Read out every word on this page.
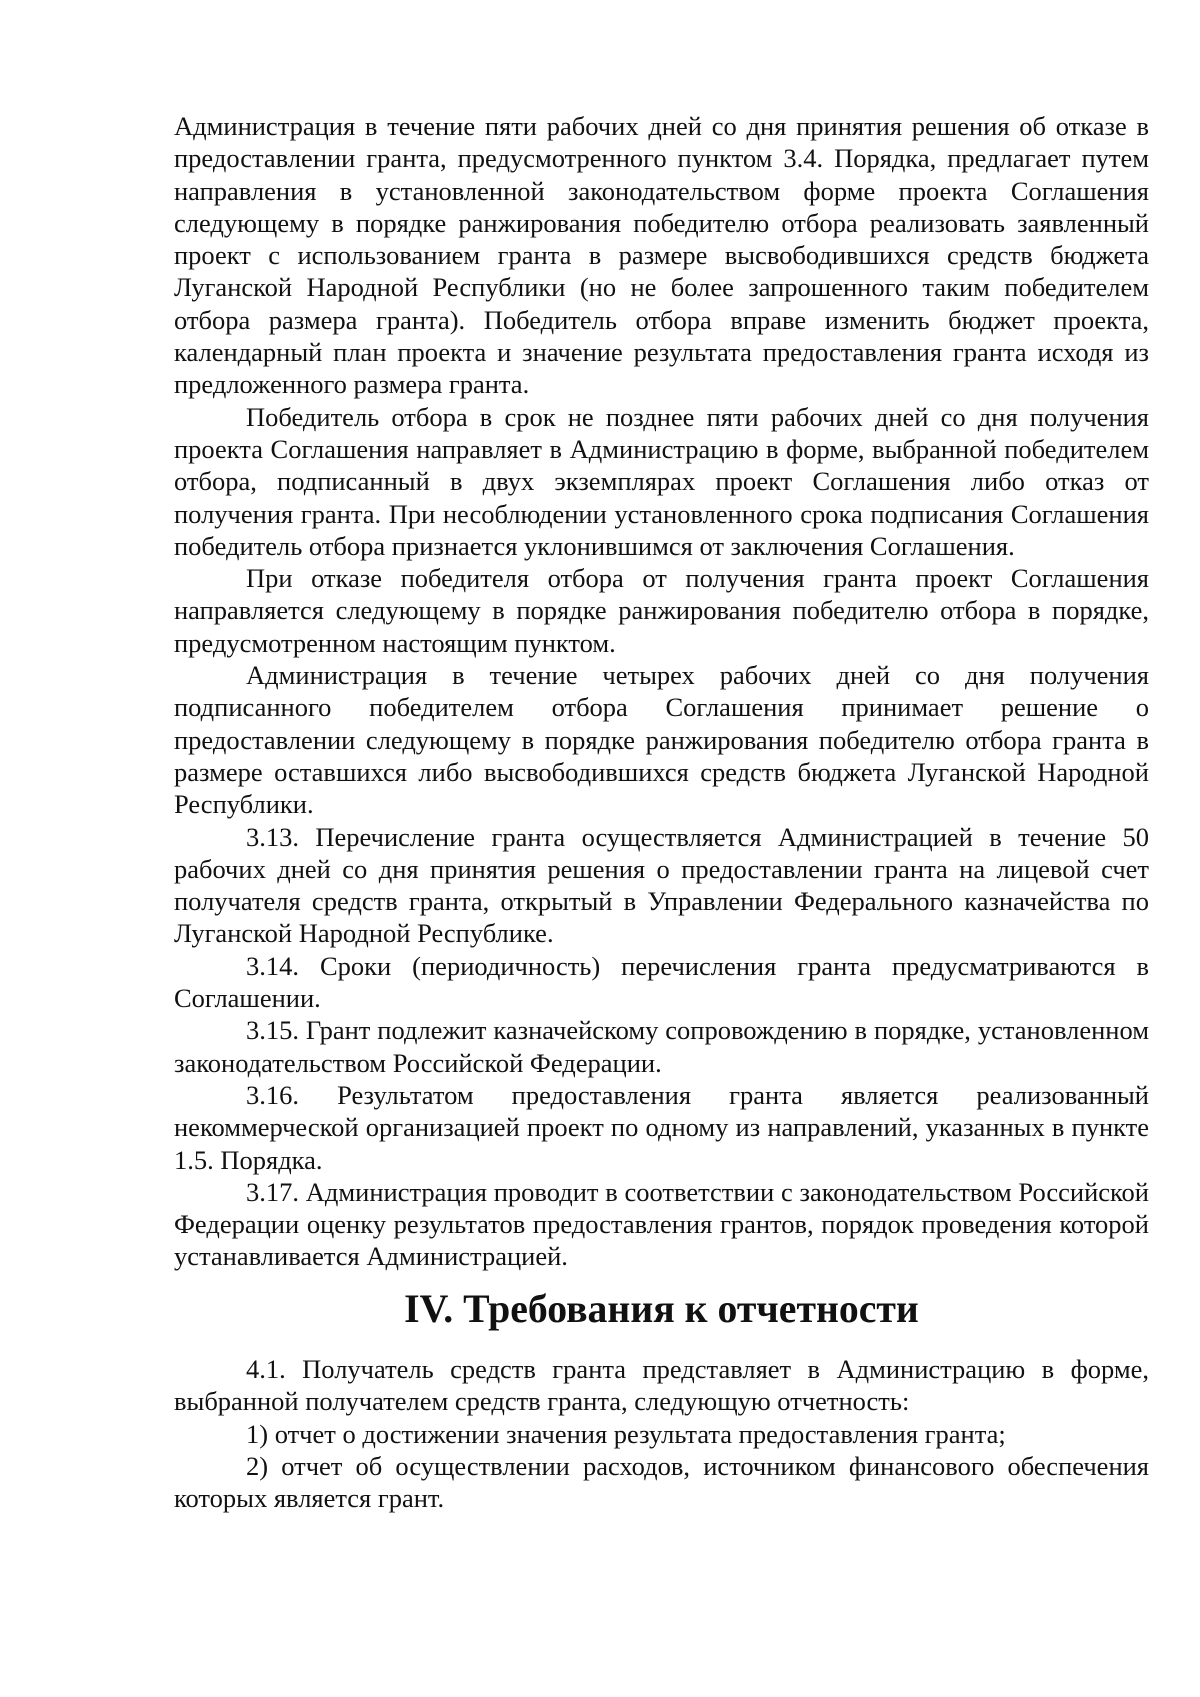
Администрация в течение пяти рабочих дней со дня принятия решения об отказе в предоставлении гранта, предусмотренного пунктом 3.4. Порядка, предлагает путем направления в установленной законодательством форме проекта Соглашения следующему в порядке ранжирования победителю отбора реализовать заявленный проект с использованием гранта в размере высвободившихся средств бюджета Луганской Народной Республики (но не более запрошенного таким победителем отбора размера гранта). Победитель отбора вправе изменить бюджет проекта, календарный план проекта и значение результата предоставления гранта исходя из предложенного размера гранта.

Победитель отбора в срок не позднее пяти рабочих дней со дня получения проекта Соглашения направляет в Администрацию в форме, выбранной победителем отбора, подписанный в двух экземплярах проект Соглашения либо отказ от получения гранта. При несоблюдении установленного срока подписания Соглашения победитель отбора признается уклонившимся от заключения Соглашения.

При отказе победителя отбора от получения гранта проект Соглашения направляется следующему в порядке ранжирования победителю отбора в порядке, предусмотренном настоящим пунктом.

Администрация в течение четырех рабочих дней со дня получения подписанного победителем отбора Соглашения принимает решение о предоставлении следующему в порядке ранжирования победителю отбора гранта в размере оставшихся либо высвободившихся средств бюджета Луганской Народной Республики.

3.13. Перечисление гранта осуществляется Администрацией в течение 50 рабочих дней со дня принятия решения о предоставлении гранта на лицевой счет получателя средств гранта, открытый в Управлении Федерального казначейства по Луганской Народной Республике.

3.14. Сроки (периодичность) перечисления гранта предусматриваются в Соглашении.

3.15. Грант подлежит казначейскому сопровождению в порядке, установленном законодательством Российской Федерации.

3.16. Результатом предоставления гранта является реализованный некоммерческой организацией проект по одному из направлений, указанных в пункте 1.5. Порядка.

3.17. Администрация проводит в соответствии с законодательством Российской Федерации оценку результатов предоставления грантов, порядок проведения которой устанавливается Администрацией.

IV. Требования к отчетности

4.1. Получатель средств гранта представляет в Администрацию в форме, выбранной получателем средств гранта, следующую отчетность:

1) отчет о достижении значения результата предоставления гранта;

2) отчет об осуществлении расходов, источником финансового обеспечения которых является грант.
